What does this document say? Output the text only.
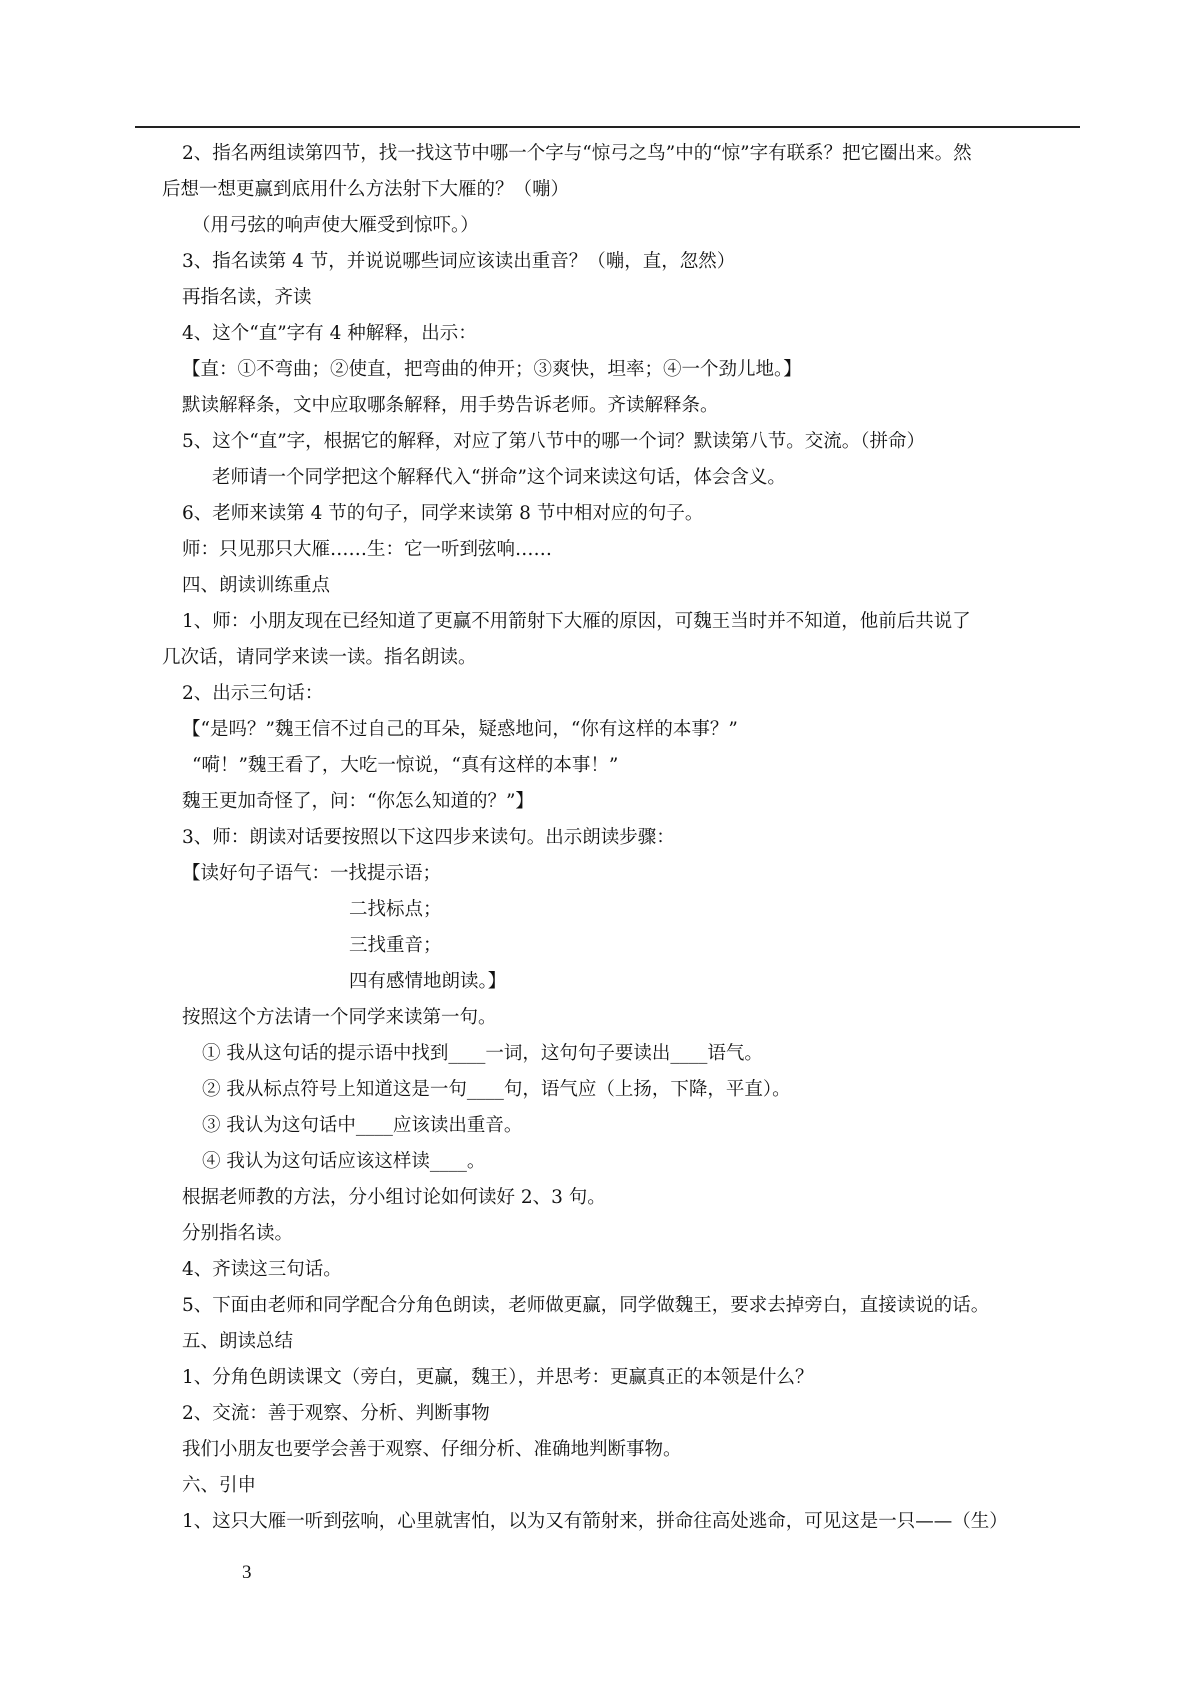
2、指名两组读第四节，找一找这节中哪一个字与“惊弓之鸟”中的“惊”字有联系？把它圈出来。然
后想一想更赢到底用什么方法射下大雁的？（嘣）
（用弓弦的响声使大雁受到惊吓。）
3、指名读第 4 节，并说说哪些词应该读出重音？（嘣，直，忽然）
再指名读，齐读
4、这个“直”字有 4 种解释，出示：
【直：①不弯曲；②使直，把弯曲的伸开；③爽快，坦率；④一个劲儿地。】
默读解释条，文中应取哪条解释，用手势告诉老师。齐读解释条。
5、这个“直”字，根据它的解释，对应了第八节中的哪一个词？默读第八节。交流。（拼命）
老师请一个同学把这个解释代入“拼命”这个词来读这句话，体会含义。
6、老师来读第 4 节的句子，同学来读第 8 节中相对应的句子。
师：只见那只大雁……生：它一听到弦响……
四、朗读训练重点
1、师：小朋友现在已经知道了更赢不用箭射下大雁的原因，可魏王当时并不知道，他前后共说了
几次话，请同学来读一读。指名朗读。
2、出示三句话：
【“是吗？”魏王信不过自己的耳朵，疑惑地问，“你有这样的本事？”
“嗬！”魏王看了，大吃一惊说，“真有这样的本事！”
魏王更加奇怪了，问：“你怎么知道的？”】
3、师：朗读对话要按照以下这四步来读句。出示朗读步骤：
【读好句子语气：一找提示语；
二找标点；
三找重音；
四有感情地朗读。】
按照这个方法请一个同学来读第一句。
① 我从这句话的提示语中找到____一词，这句句子要读出____语气。
② 我从标点符号上知道这是一句____句，语气应（上扬，下降，平直）。
③ 我认为这句话中____应该读出重音。
④ 我认为这句话应该这样读____。
根据老师教的方法，分小组讨论如何读好 2、3 句。
分别指名读。
4、齐读这三句话。
5、下面由老师和同学配合分角色朗读，老师做更赢，同学做魏王，要求去掉旁白，直接读说的话。
五、朗读总结
1、分角色朗读课文（旁白，更赢，魏王），并思考：更赢真正的本领是什么？
2、交流：善于观察、分析、判断事物
我们小朋友也要学会善于观察、仔细分析、准确地判断事物。
六、引申
1、这只大雁一听到弦响，心里就害怕，以为又有箭射来，拼命往高处逃命，可见这是一只——（生）
3
